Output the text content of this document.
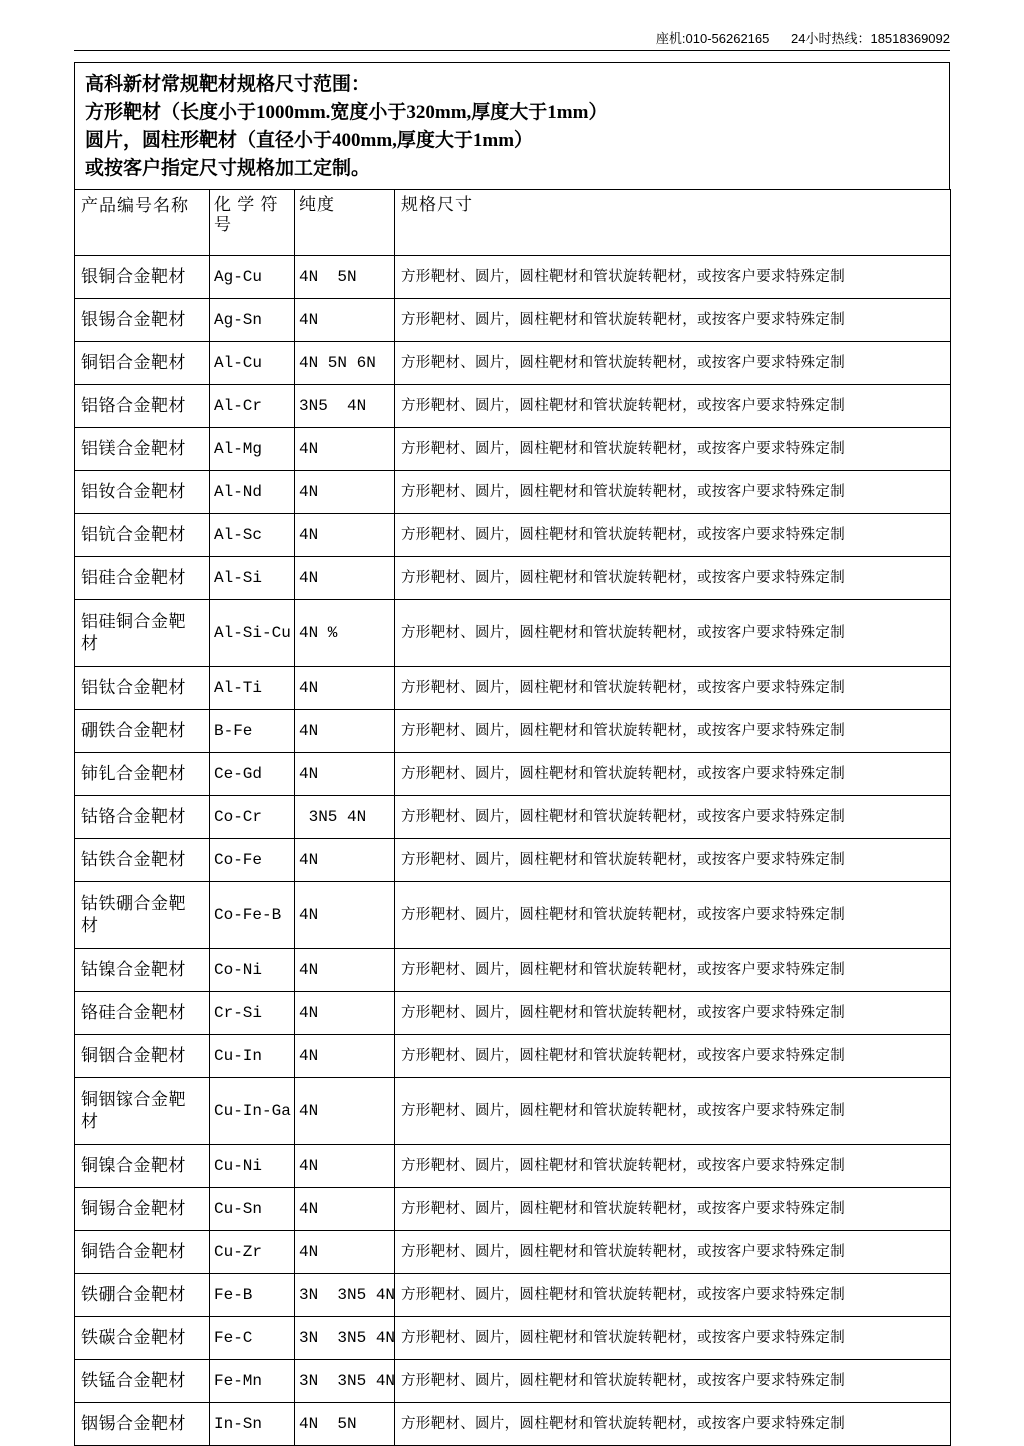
座机:010-56262165 24小时热线：18518369092
高科新材常规靶材规格尺寸范围：
方形靶材（长度小于1000mm.宽度小于320mm,厚度大于1mm）
圆片，圆柱形靶材（直径小于400mm,厚度大于1mm）
或按客户指定尺寸规格加工定制。
产品编号名称	化 学 符 号	纯度	规格尺寸
银铜合金靶材	Ag-Cu	4N  5N	方形靶材、圆片，圆柱靶材和管状旋转靶材，或按客户要求特殊定制
银锡合金靶材	Ag-Sn	4N	方形靶材、圆片，圆柱靶材和管状旋转靶材，或按客户要求特殊定制
铜铝合金靶材	Al-Cu	4N 5N 6N	方形靶材、圆片，圆柱靶材和管状旋转靶材，或按客户要求特殊定制
铝铬合金靶材	Al-Cr	3N5  4N	方形靶材、圆片，圆柱靶材和管状旋转靶材，或按客户要求特殊定制
铝镁合金靶材	Al-Mg	4N	方形靶材、圆片，圆柱靶材和管状旋转靶材，或按客户要求特殊定制
铝钕合金靶材	Al-Nd	4N	方形靶材、圆片，圆柱靶材和管状旋转靶材，或按客户要求特殊定制
铝钪合金靶材	Al-Sc	4N	方形靶材、圆片，圆柱靶材和管状旋转靶材，或按客户要求特殊定制
铝硅合金靶材	Al-Si	4N	方形靶材、圆片，圆柱靶材和管状旋转靶材，或按客户要求特殊定制
铝硅铜合金靶材	Al-Si-Cu	4N %	方形靶材、圆片，圆柱靶材和管状旋转靶材，或按客户要求特殊定制
铝钛合金靶材	Al-Ti	4N	方形靶材、圆片，圆柱靶材和管状旋转靶材，或按客户要求特殊定制
硼铁合金靶材	B-Fe	4N	方形靶材、圆片，圆柱靶材和管状旋转靶材，或按客户要求特殊定制
铈钆合金靶材	Ce-Gd	4N	方形靶材、圆片，圆柱靶材和管状旋转靶材，或按客户要求特殊定制
钴铬合金靶材	Co-Cr	3N5 4N	方形靶材、圆片，圆柱靶材和管状旋转靶材，或按客户要求特殊定制
钴铁合金靶材	Co-Fe	4N	方形靶材、圆片，圆柱靶材和管状旋转靶材，或按客户要求特殊定制
钴铁硼合金靶材	Co-Fe-B	4N	方形靶材、圆片，圆柱靶材和管状旋转靶材，或按客户要求特殊定制
钴镍合金靶材	Co-Ni	4N	方形靶材、圆片，圆柱靶材和管状旋转靶材，或按客户要求特殊定制
铬硅合金靶材	Cr-Si	4N	方形靶材、圆片，圆柱靶材和管状旋转靶材，或按客户要求特殊定制
铜铟合金靶材	Cu-In	4N	方形靶材、圆片，圆柱靶材和管状旋转靶材，或按客户要求特殊定制
铜铟镓合金靶材	Cu-In-Ga	4N	方形靶材、圆片，圆柱靶材和管状旋转靶材，或按客户要求特殊定制
铜镍合金靶材	Cu-Ni	4N	方形靶材、圆片，圆柱靶材和管状旋转靶材，或按客户要求特殊定制
铜锡合金靶材	Cu-Sn	4N	方形靶材、圆片，圆柱靶材和管状旋转靶材，或按客户要求特殊定制
铜锆合金靶材	Cu-Zr	4N	方形靶材、圆片，圆柱靶材和管状旋转靶材，或按客户要求特殊定制
铁硼合金靶材	Fe-B	3N  3N5 4N	方形靶材、圆片，圆柱靶材和管状旋转靶材，或按客户要求特殊定制
铁碳合金靶材	Fe-C	3N  3N5 4N	方形靶材、圆片，圆柱靶材和管状旋转靶材，或按客户要求特殊定制
铁锰合金靶材	Fe-Mn	3N  3N5 4N	方形靶材、圆片，圆柱靶材和管状旋转靶材，或按客户要求特殊定制
铟锡合金靶材	In-Sn	4N  5N	方形靶材、圆片，圆柱靶材和管状旋转靶材，或按客户要求特殊定制
